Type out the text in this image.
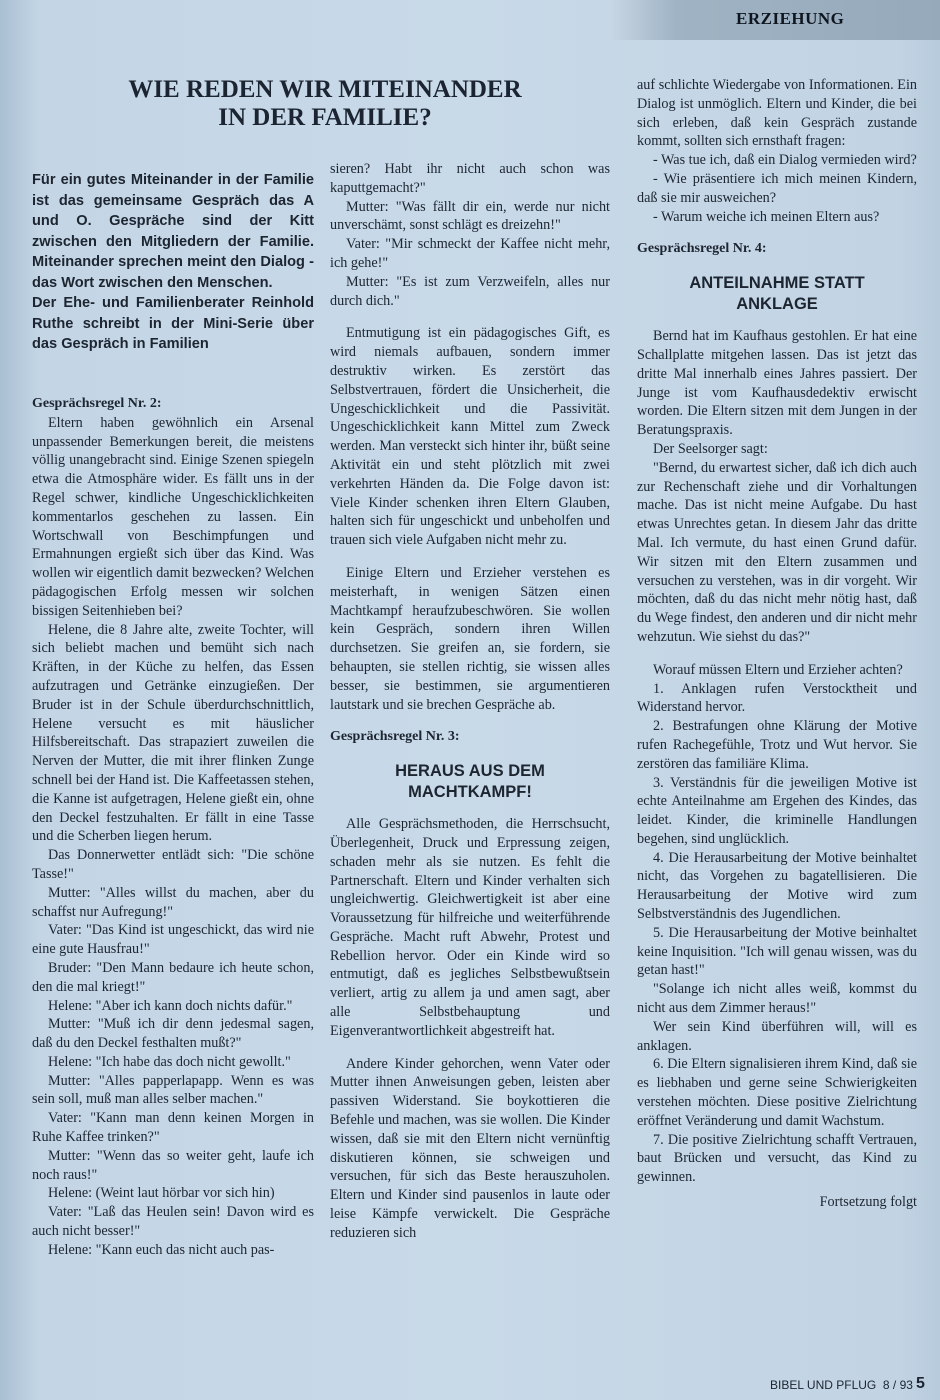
ERZIEHUNG
WIE REDEN WIR MITEINANDER
IN DER FAMILIE?

Für ein gutes Miteinander in der Familie ist das gemeinsame Gespräch das A und O. Gespräche sind der Kitt zwischen den Mitgliedern der Familie. Miteinander sprechen meint den Dialog - das Wort zwischen den Menschen.

Der Ehe- und Familienberater Reinhold Ruthe schreibt in der Mini-Serie über das Gespräch in Familien

Gesprächsregel Nr. 2:

Eltern haben gewöhnlich ein Arsenal unpassender Bemerkungen bereit, die meistens völlig unangebracht sind. Einige Szenen spiegeln etwa die Atmosphäre wider. Es fällt uns in der Regel schwer, kindliche Ungeschicklichkeiten kommentarlos geschehen zu lassen. Ein Wortschwall von Beschimpfungen und Ermahnungen ergießt sich über das Kind. Was wollen wir eigentlich damit bezwecken? Welchen pädagogischen Erfolg messen wir solchen bissigen Seitenhieben bei?

Helene, die 8 Jahre alte, zweite Tochter, will sich beliebt machen und bemüht sich nach Kräften, in der Küche zu helfen, das Essen aufzutragen und Getränke einzugießen. Der Bruder ist in der Schule überdurchschnittlich, Helene versucht es mit häuslicher Hilfsbereitschaft. Das strapaziert zuweilen die Nerven der Mutter, die mit ihrer flinken Zunge schnell bei der Hand ist. Die Kaffeetassen stehen, die Kanne ist aufgetragen, Helene gießt ein, ohne den Deckel festzuhalten. Er fällt in eine Tasse und die Scherben liegen herum.

Das Donnerwetter entlädt sich: "Die schöne Tasse!"

Mutter: "Alles willst du machen, aber du schaffst nur Aufregung!"

Vater: "Das Kind ist ungeschickt, das wird nie eine gute Hausfrau!"

Bruder: "Den Mann bedaure ich heute schon, den die mal kriegt!"

Helene: "Aber ich kann doch nichts dafür."

Mutter: "Muß ich dir denn jedesmal sagen, daß du den Deckel festhalten mußt?"

Helene: "Ich habe das doch nicht gewollt."

Mutter: "Alles papperlapapp. Wenn es was sein soll, muß man alles selber machen."

Vater: "Kann man denn keinen Morgen in Ruhe Kaffee trinken?"

Mutter: "Wenn das so weiter geht, laufe ich noch raus!"

Helene: (Weint laut hörbar vor sich hin)

Vater: "Laß das Heulen sein! Davon wird es auch nicht besser!"

Helene: "Kann euch das nicht auch pas-

sieren? Habt ihr nicht auch schon was kaputtgemacht?"

Mutter: "Was fällt dir ein, werde nur nicht unverschämt, sonst schlägt es dreizehn!"

Vater: "Mir schmeckt der Kaffee nicht mehr, ich gehe!"

Mutter: "Es ist zum Verzweifeln, alles nur durch dich."

Entmutigung ist ein pädagogisches Gift, es wird niemals aufbauen, sondern immer destruktiv wirken. Es zerstört das Selbstvertrauen, fördert die Unsicherheit, die Ungeschicklichkeit und die Passivität. Ungeschicklichkeit kann Mittel zum Zweck werden. Man versteckt sich hinter ihr, büßt seine Aktivität ein und steht plötzlich mit zwei verkehrten Händen da. Die Folge davon ist: Viele Kinder schenken ihren Eltern Glauben, halten sich für ungeschickt und unbeholfen und trauen sich viele Aufgaben nicht mehr zu.

Einige Eltern und Erzieher verstehen es meisterhaft, in wenigen Sätzen einen Machtkampf heraufzubeschwören. Sie wollen kein Gespräch, sondern ihren Willen durchsetzen. Sie greifen an, sie fordern, sie behaupten, sie stellen richtig, sie wissen alles besser, sie bestimmen, sie argumentieren lautstark und sie brechen Gespräche ab.

Gesprächsregel Nr. 3:

HERAUS AUS DEM
MACHTKAMPF!

Alle Gesprächsmethoden, die Herrschsucht, Überlegenheit, Druck und Erpressung zeigen, schaden mehr als sie nutzen. Es fehlt die Partnerschaft. Eltern und Kinder verhalten sich ungleichwertig. Gleichwertigkeit ist aber eine Voraussetzung für hilfreiche und weiterführende Gespräche. Macht ruft Abwehr, Protest und Rebellion hervor. Oder ein Kinde wird so entmutigt, daß es jegliches Selbstbewußtsein verliert, artig zu allem ja und amen sagt, aber alle Selbstbehauptung und Eigenverantwortlichkeit abgestreift hat.

Andere Kinder gehorchen, wenn Vater oder Mutter ihnen Anweisungen geben, leisten aber passiven Widerstand. Sie boykottieren die Befehle und machen, was sie wollen. Die Kinder wissen, daß sie mit den Eltern nicht vernünftig diskutieren können, sie schweigen und versuchen, für sich das Beste herauszuholen. Eltern und Kinder sind pausenlos in laute oder leise Kämpfe verwickelt. Die Gespräche reduzieren sich

auf schlichte Wiedergabe von Informationen. Ein Dialog ist unmöglich. Eltern und Kinder, die bei sich erleben, daß kein Gespräch zustande kommt, sollten sich ernsthaft fragen:

- Was tue ich, daß ein Dialog vermieden wird?

- Wie präsentiere ich mich meinen Kindern, daß sie mir ausweichen?

- Warum weiche ich meinen Eltern aus?

Gesprächsregel Nr. 4:

ANTEILNAHME STATT
ANKLAGE

Bernd hat im Kaufhaus gestohlen. Er hat eine Schallplatte mitgehen lassen. Das ist jetzt das dritte Mal innerhalb eines Jahres passiert. Der Junge ist vom Kaufhausdedektiv erwischt worden. Die Eltern sitzen mit dem Jungen in der Beratungspraxis.

Der Seelsorger sagt:

"Bernd, du erwartest sicher, daß ich dich auch zur Rechenschaft ziehe und dir Vorhaltungen mache. Das ist nicht meine Aufgabe. Du hast etwas Unrechtes getan. In diesem Jahr das dritte Mal. Ich vermute, du hast einen Grund dafür. Wir sitzen mit den Eltern zusammen und versuchen zu verstehen, was in dir vorgeht. Wir möchten, daß du das nicht mehr nötig hast, daß du Wege findest, den anderen und dir nicht mehr wehzutun. Wie siehst du das?"

Worauf müssen Eltern und Erzieher achten?

1. Anklagen rufen Verstocktheit und Widerstand hervor.

2. Bestrafungen ohne Klärung der Motive rufen Rachegefühle, Trotz und Wut hervor. Sie zerstören das familiäre Klima.

3. Verständnis für die jeweiligen Motive ist echte Anteilnahme am Ergehen des Kindes, das leidet. Kinder, die kriminelle Handlungen begehen, sind unglücklich.

4. Die Herausarbeitung der Motive beinhaltet nicht, das Vorgehen zu bagatellisieren. Die Herausarbeitung der Motive wird zum Selbstverständnis des Jugendlichen.

5. Die Herausarbeitung der Motive beinhaltet keine Inquisition. "Ich will genau wissen, was du getan hast!"

"Solange ich nicht alles weiß, kommst du nicht aus dem Zimmer heraus!"

Wer sein Kind überführen will, will es anklagen.

6. Die Eltern signalisieren ihrem Kind, daß sie es liebhaben und gerne seine Schwierigkeiten verstehen möchten. Diese positive Zielrichtung eröffnet Veränderung und damit Wachstum.

7. Die positive Zielrichtung schafft Vertrauen, baut Brücken und versucht, das Kind zu gewinnen.

Fortsetzung folgt

BIBEL UND PFLUG 8 / 93 5
